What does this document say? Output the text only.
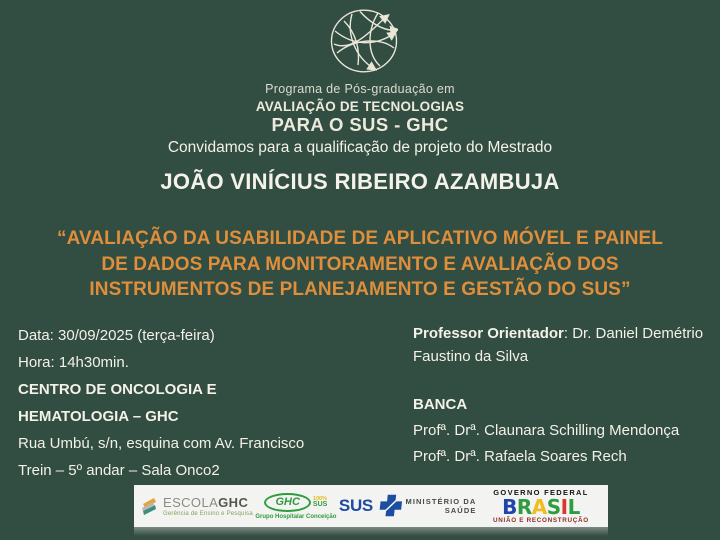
Programa de Pós-graduação em
AVALIAÇÃO DE TECNOLOGIAS
PARA O SUS - GHC
Convidamos para a qualificação de projeto do Mestrado
JOÃO VINÍCIUS RIBEIRO AZAMBUJA
“AVALIAÇÃO DA USABILIDADE DE APLICATIVO MÓVEL E PAINEL
DE DADOS PARA MONITORAMENTO E AVALIAÇÃO DOS
INSTRUMENTOS DE PLANEJAMENTO E GESTÃO DO SUS”
Data: 30/09/2025 (terça-feira)
Hora: 14h30min.
CENTRO DE ONCOLOGIA E
HEMATOLOGIA – GHC
Rua Umbú, s/n, esquina com Av. Francisco
Trein – 5º andar – Sala Onco2

Professor Orientador: Dr. Daniel Demétrio Faustino da Silva

BANCA
Profª. Drª. Claunara Schilling Mendonça
Profª. Drª. Rafaela Soares Rech
ESCOLAGHC
Gerência de Ensino e Pesquisa
GHC	100%
SUS
Grupo Hospitalar Conceição
SUS	MINISTÉRIO DA
SAÚDE
GOVERNO FEDERAL
BRASIL
UNIÃO E RECONSTRUÇÃO
